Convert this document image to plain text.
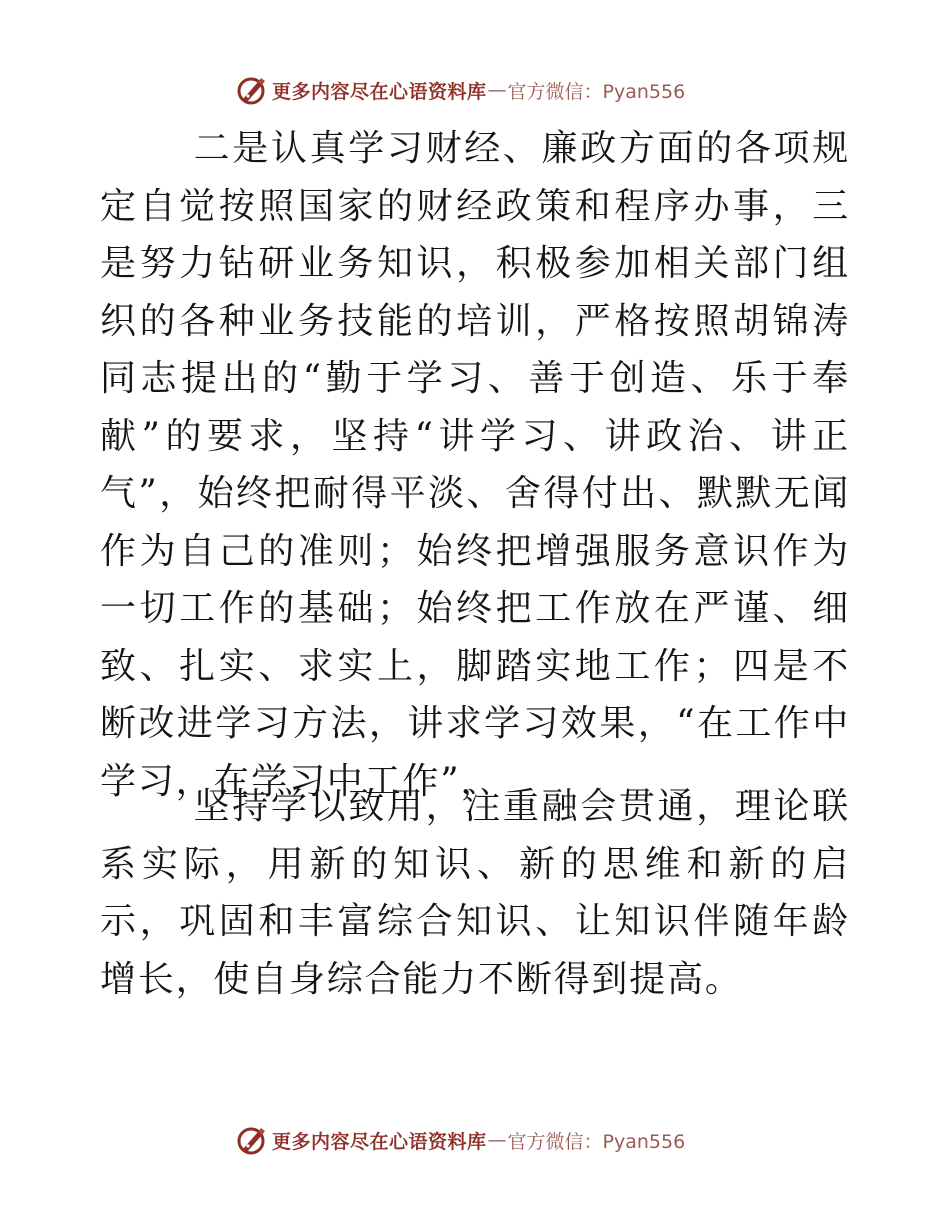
更多内容尽在心语资料库 — 官方微信：Pyan556

二是认真学习财经、廉政方面的各项规定自觉按照国家的财经政策和程序办事，三是努力钻研业务知识，积极参加相关部门组织的各种业务技能的培训，严格按照胡锦涛同志提出的“勤于学习、善于创造、乐于奉献”的要求，坚持“讲学习、讲政治、讲正气”，始终把耐得平淡、舍得付出、默默无闻作为自己的准则；始终把增强服务意识作为一切工作的基础；始终把工作放在严谨、细致、扎实、求实上，脚踏实地工作；四是不断改进学习方法，讲求学习效果，“在工作中学习，在学习中工作”，

坚持学以致用，注重融会贯通，理论联系实际，用新的知识、新的思维和新的启示，巩固和丰富综合知识、让知识伴随年龄增长，使自身综合能力不断得到提高。

更多内容尽在心语资料库 — 官方微信：Pyan556
